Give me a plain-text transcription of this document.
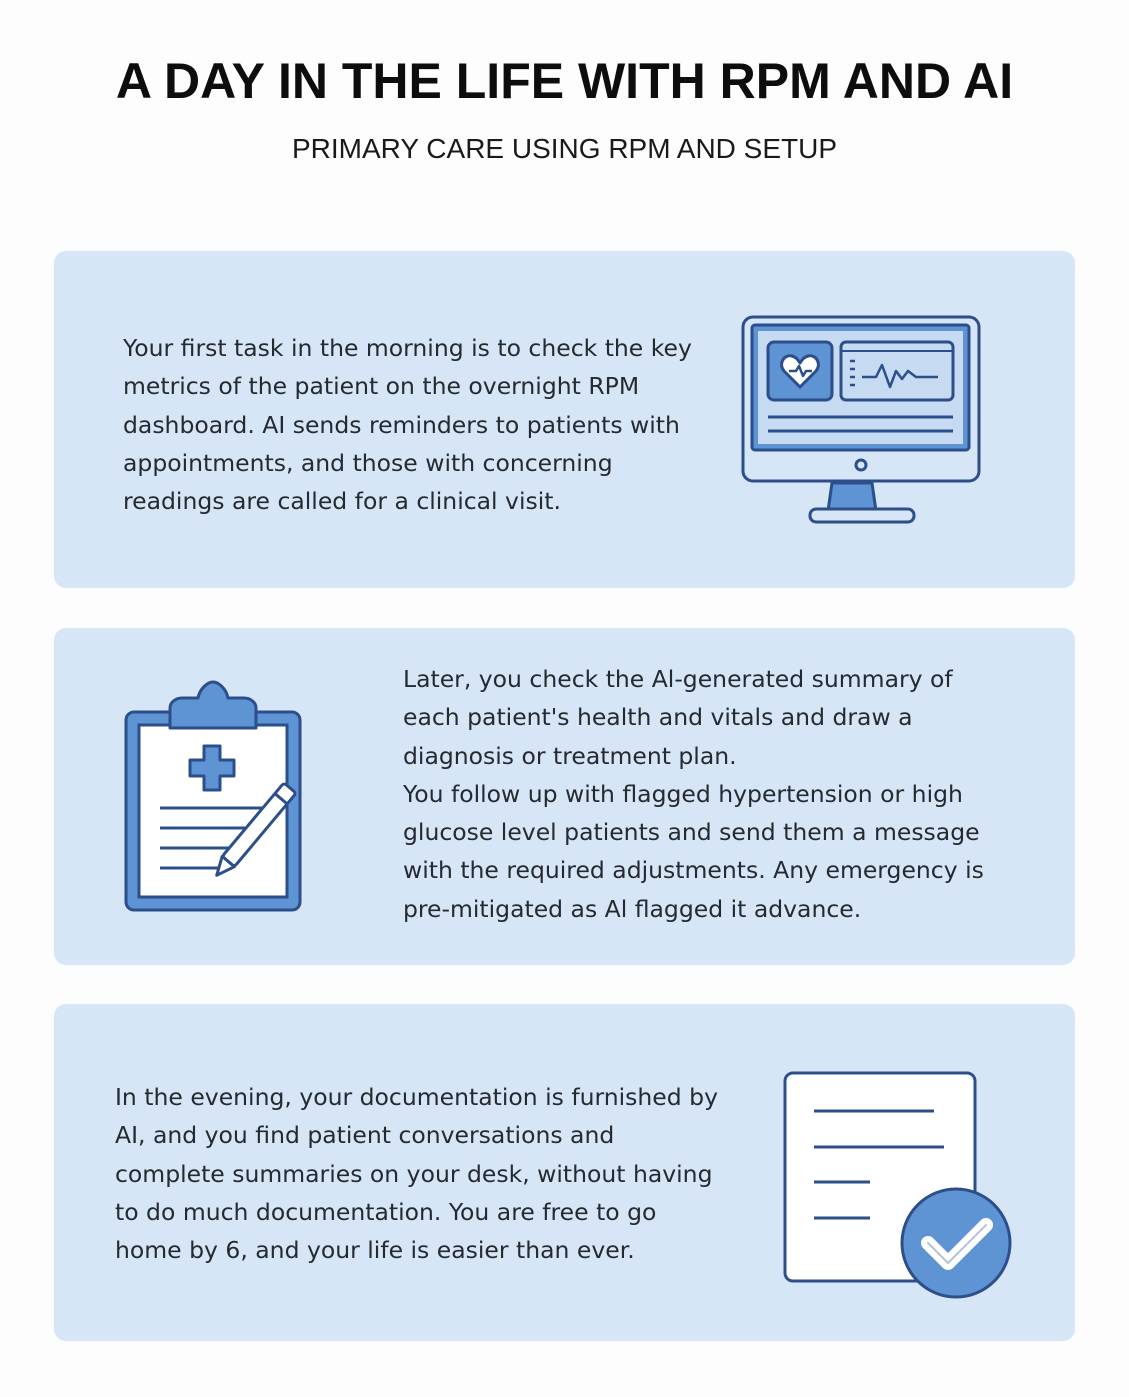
A DAY IN THE LIFE WITH RPM AND AI

PRIMARY CARE USING RPM AND SETUP

Your first task in the morning is to check the key metrics of the patient on the overnight RPM dashboard. AI sends reminders to patients with appointments, and those with concerning readings are called for a clinical visit.

Later, you check the Al-generated summary of each patient's health and vitals and draw a diagnosis or treatment plan.
You follow up with flagged hypertension or high glucose level patients and send them a message with the required adjustments. Any emergency is pre-mitigated as Al flagged it advance.

In the evening, your documentation is furnished by AI, and you find patient conversations and complete summaries on your desk, without having to do much documentation. You are free to go home by 6, and your life is easier than ever.
